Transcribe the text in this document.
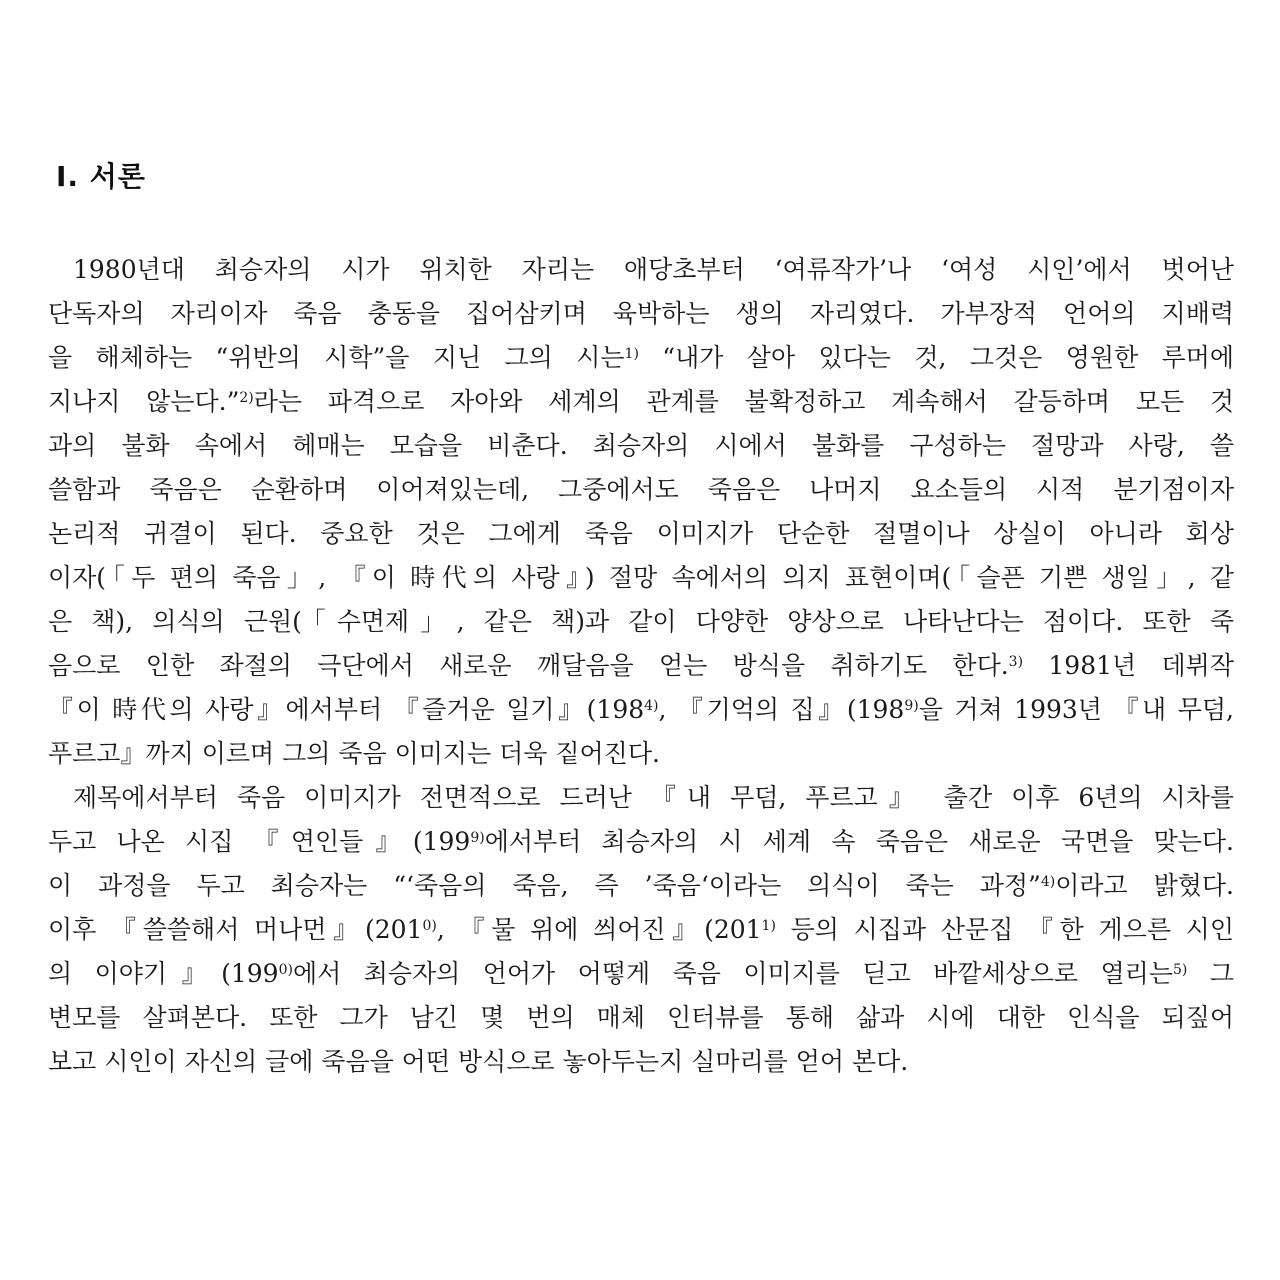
Ⅰ. 서론
1980년대 최승자의 시가 위치한 자리는 애당초부터 ‘여류작가’나 ‘여성 시인’에서 벗어난
단독자의 자리이자 죽음 충동을 집어삼키며 육박하는 생의 자리였다. 가부장적 언어의 지배력
을 해체하는 “위반의 시학”을 지닌 그의 시는$^{1)}$ “내가 살아 있다는 것, 그것은 영원한 루머에
지나지 않는다.”$^{2)}$라는 파격으로 자아와 세계의 관계를 불확정하고 계속해서 갈등하며 모든 것
과의 불화 속에서 헤매는 모습을 비춘다. 최승자의 시에서 불화를 구성하는 절망과 사랑, 쓸
쓸함과 죽음은 순환하며 이어져있는데, 그중에서도 죽음은 나머지 요소들의 시적 분기점이자
논리적 귀결이 된다. 중요한 것은 그에게 죽음 이미지가 단순한 절멸이나 상실이 아니라 회상
이자(「두 편의 죽음」, 『이 時代의 사랑』) 절망 속에서의 의지 표현이며(「슬픈 기쁜 생일」, 같
은 책), 의식의 근원(「수면제」, 같은 책)과 같이 다양한 양상으로 나타난다는 점이다. 또한 죽
음으로 인한 좌절의 극단에서 새로운 깨달음을 얻는 방식을 취하기도 한다.$^{3)}$ 1981년 데뷔작
『이 時代의 사랑』에서부터 『즐거운 일기』(198$^{4)}$, 『기억의 집』(198$^{9)}$을 거쳐 1993년 『내 무덤,
푸르고』까지 이르며 그의 죽음 이미지는 더욱 짙어진다.
제목에서부터 죽음 이미지가 전면적으로 드러난 『내 무덤, 푸르고』 출간 이후 6년의 시차를
두고 나온 시집 『연인들』(199$^{9)}$에서부터 최승자의 시 세계 속 죽음은 새로운 국면을 맞는다.
이 과정을 두고 최승자는 “‘죽음의 죽음, 즉 ’죽음‘이라는 의식이 죽는 과정”$^{4)}$이라고 밝혔다.
이후 『쓸쓸해서 머나먼』(201$^{0)}$, 『물 위에 씌어진』(201$^{1)}$ 등의 시집과 산문집 『한 게으른 시인
의 이야기』(199$^{0)}$에서 최승자의 언어가 어떻게 죽음 이미지를 딛고 바깥세상으로 열리는$^{5)}$ 그
변모를 살펴본다. 또한 그가 남긴 몇 번의 매체 인터뷰를 통해 삶과 시에 대한 인식을 되짚어
보고 시인이 자신의 글에 죽음을 어떤 방식으로 놓아두는지 실마리를 얻어 본다.
